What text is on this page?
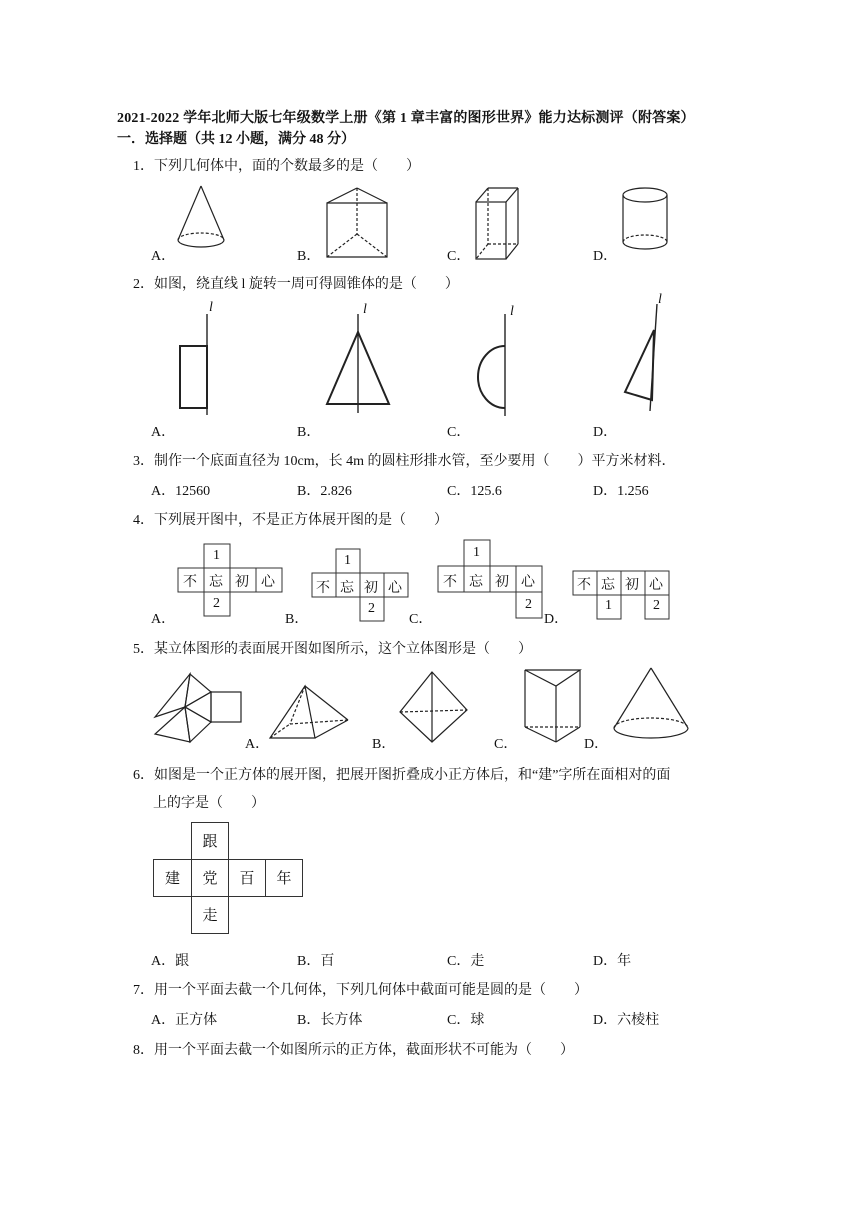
2021-2022 学年北师大版七年级数学上册《第 1 章丰富的图形世界》能力达标测评（附答案）
一．选择题（共 12 小题，满分 48 分）
1．下列几何体中，面的个数最多的是（　　）
A．	B．	C．	D．
2．如图，绕直线 l 旋转一周可得圆锥体的是（　　）
l	l	l
l
A．	B．	C．	D．
3．制作一个底面直径为 10cm，长 4m 的圆柱形排水管，至少要用（　　）平方米材料．
A．12560	B．2.826	C．125.6	D．1.256
4．下列展开图中，不是正方体展开图的是（　　）
1
不 忘 初 心
2
1
不 忘 初 心
2
1
不 忘 初 心
2
不 忘 初 心
1	2
A．	B．	C．	D．
5．某立体图形的表面展开图如图所示，这个立体图形是（　　）
A．	B．	C．	D．
6．如图是一个正方体的展开图，把展开图折叠成小正方体后，和“建”字所在面相对的面
上的字是（　　）
跟
建	党	百	年
走
A．跟	B．百	C．走	D．年
7．用一个平面去截一个几何体，下列几何体中截面可能是圆的是（　　）
A．正方体	B．长方体	C．球	D．六棱柱
8．用一个平面去截一个如图所示的正方体，截面形状不可能为（　　）
